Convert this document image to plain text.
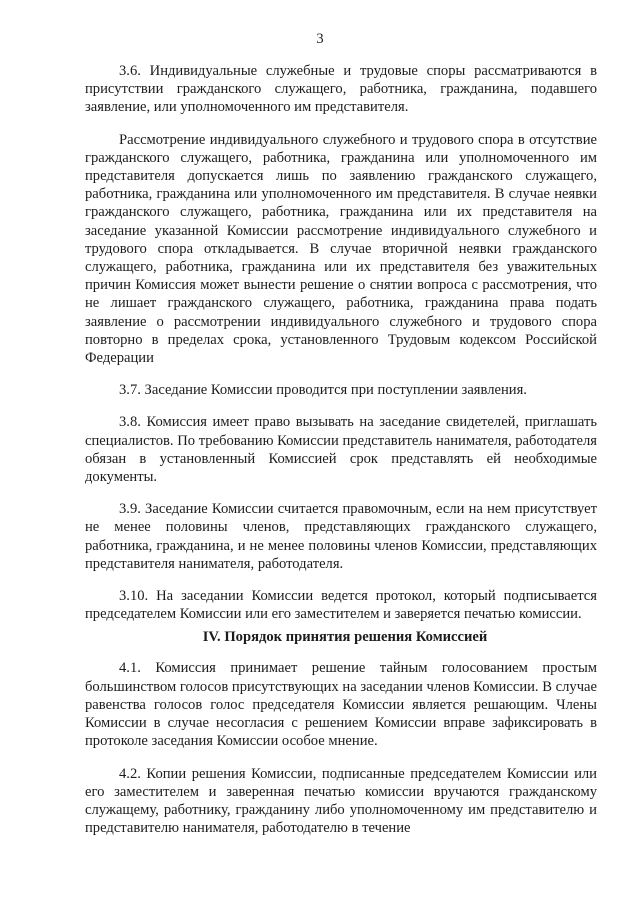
3

3.6. Индивидуальные служебные и трудовые споры рассматриваются в присутствии гражданского служащего, работника, гражданина, подавшего заявление, или уполномоченного им представителя.

Рассмотрение индивидуального служебного и трудового спора в отсутствие гражданского служащего, работника, гражданина или уполномоченного им представителя допускается лишь по заявлению гражданского служащего, работника, гражданина или уполномоченного им представителя. В случае неявки гражданского служащего, работника, гражданина или их представителя на заседание указанной Комиссии рассмотрение индивидуального служебного и трудового спора откладывается. В случае вторичной неявки гражданского служащего, работника, гражданина или их представителя без уважительных причин Комиссия может вынести решение о снятии вопроса с рассмотрения, что не лишает гражданского служащего, работника, гражданина права подать заявление о рассмотрении индивидуального служебного и трудового спора повторно в пределах срока, установленного Трудовым кодексом Российской Федерации

3.7. Заседание Комиссии проводится при поступлении заявления.

3.8. Комиссия имеет право вызывать на заседание свидетелей, приглашать специалистов. По требованию Комиссии представитель нанимателя, работодателя обязан в установленный Комиссией срок представлять ей необходимые документы.

3.9. Заседание Комиссии считается правомочным, если на нем присутствует не менее половины членов, представляющих гражданского служащего, работника, гражданина, и не менее половины членов Комиссии, представляющих представителя нанимателя, работодателя.

3.10. На заседании Комиссии ведется протокол, который подписывается председателем Комиссии или его заместителем и заверяется печатью комиссии.

IV. Порядок принятия решения Комиссией

4.1. Комиссия принимает решение тайным голосованием простым большинством голосов присутствующих на заседании членов Комиссии. В случае равенства голосов голос председателя Комиссии является решающим. Члены Комиссии в случае несогласия с решением Комиссии вправе зафиксировать в протоколе заседания Комиссии особое мнение.

4.2. Копии решения Комиссии, подписанные председателем Комиссии или его заместителем и заверенная печатью комиссии вручаются гражданскому служащему, работнику, гражданину либо уполномоченному им представителю и представителю нанимателя, работодателю в течение
